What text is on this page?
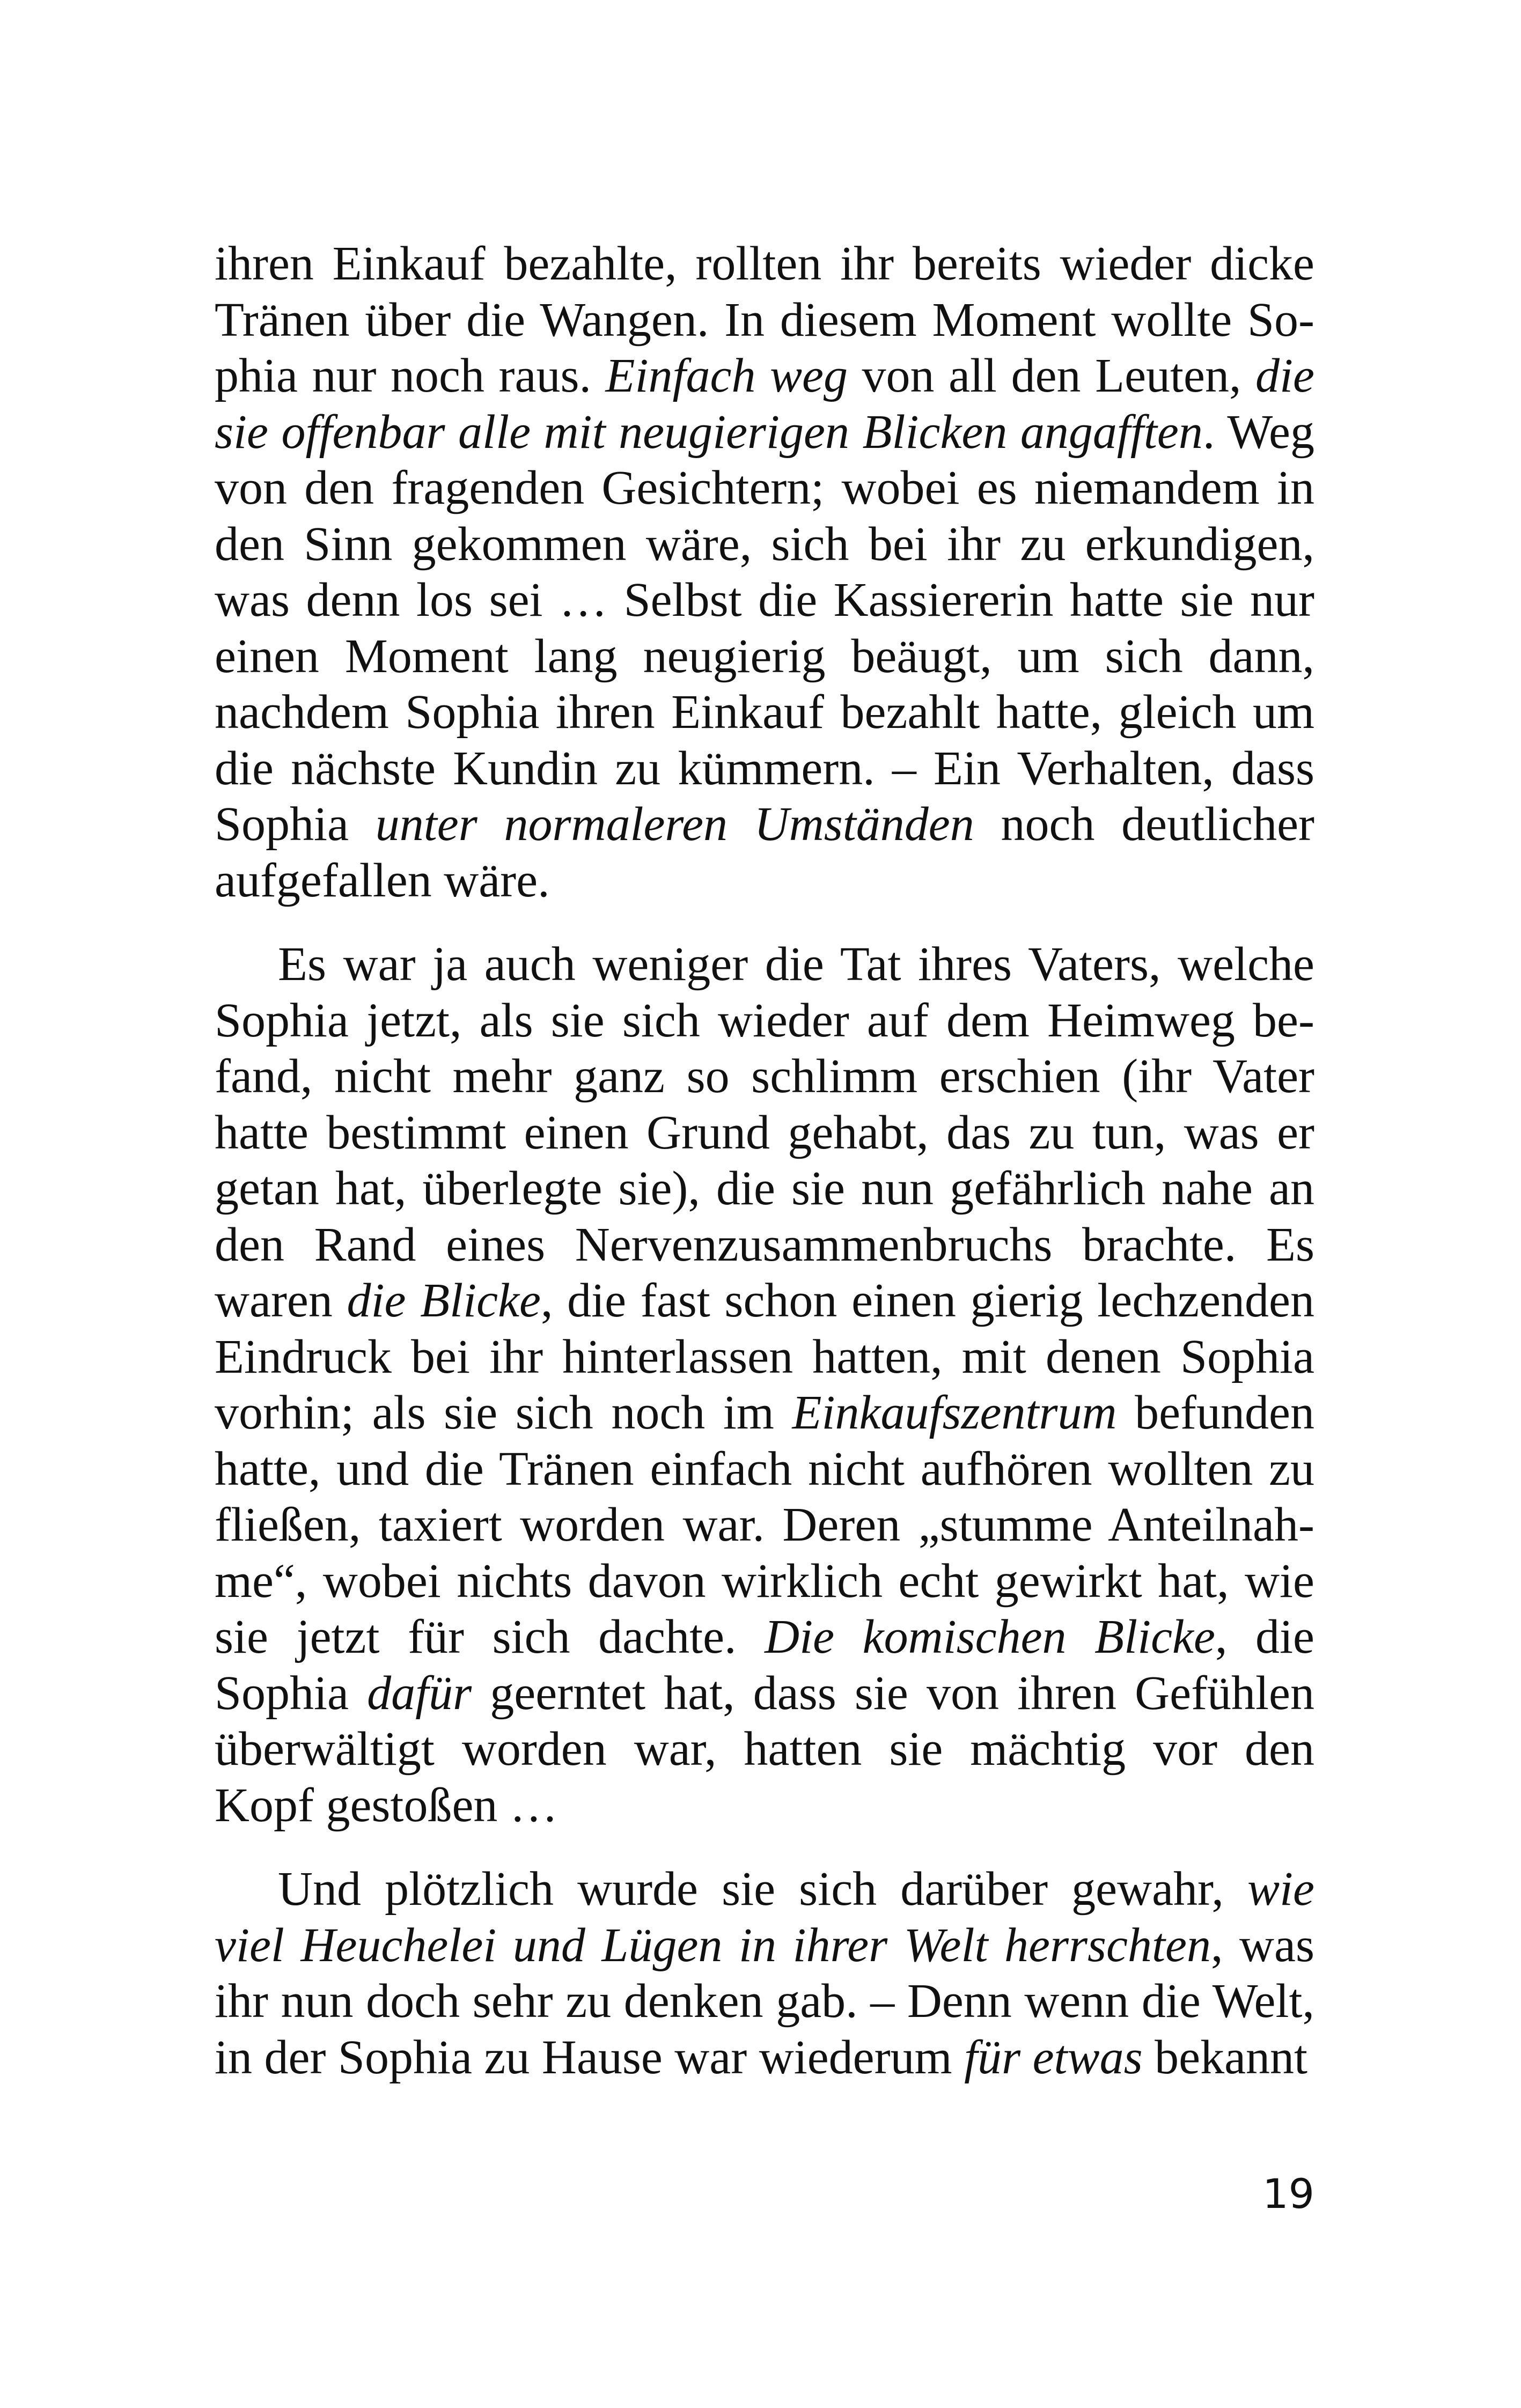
ihren Einkauf bezahlte, rollten ihr bereits wieder dicke Tränen über die Wangen. In diesem Moment wollte Sophia nur noch raus. Einfach weg von all den Leuten, die sie offenbar alle mit neugierigen Blicken angafften. Weg von den fragenden Gesichtern; wobei es niemandem in den Sinn gekommen wäre, sich bei ihr zu erkundigen, was denn los sei … Selbst die Kassiererin hatte sie nur einen Moment lang neugierig beäugt, um sich dann, nachdem Sophia ihren Einkauf bezahlt hatte, gleich um die nächste Kundin zu kümmern. – Ein Verhalten, dass Sophia unter normaleren Umständen noch deutlicher aufgefallen wäre.

Es war ja auch weniger die Tat ihres Vaters, welche Sophia jetzt, als sie sich wieder auf dem Heimweg befand, nicht mehr ganz so schlimm erschien (ihr Vater hatte bestimmt einen Grund gehabt, das zu tun, was er getan hat, überlegte sie), die sie nun gefährlich nahe an den Rand eines Nervenzusammenbruchs brachte. Es waren die Blicke, die fast schon einen gierig lechzenden Eindruck bei ihr hinterlassen hatten, mit denen Sophia vorhin; als sie sich noch im Einkaufszentrum befunden hatte, und die Tränen einfach nicht aufhören wollten zu fließen, taxiert worden war. Deren „stumme Anteilnahme“, wobei nichts davon wirklich echt gewirkt hat, wie sie jetzt für sich dachte. Die komischen Blicke, die Sophia dafür geerntet hat, dass sie von ihren Gefühlen überwältigt worden war, hatten sie mächtig vor den Kopf gestoßen …

Und plötzlich wurde sie sich darüber gewahr, wie viel Heuchelei und Lügen in ihrer Welt herrschten, was ihr nun doch sehr zu denken gab. – Denn wenn die Welt, in der Sophia zu Hause war wiederum für etwas bekannt

19
